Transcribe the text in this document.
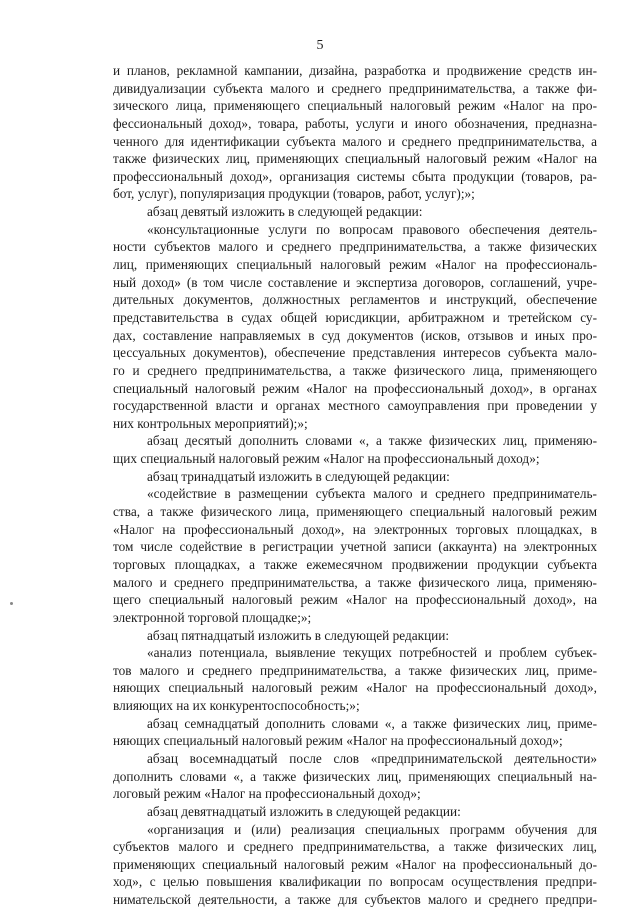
5
и планов, рекламной кампании, дизайна, разработка и продвижение средств ин-
дивидуализации субъекта малого и среднего предпринимательства, а также фи-
зического лица, применяющего специальный налоговый режим «Налог на про-
фессиональный доход», товара, работы, услуги и иного обозначения, предназна-
ченного для идентификации субъекта малого и среднего предпринимательства, а
также физических лиц, применяющих специальный налоговый режим «Налог на
профессиональный доход», организация системы сбыта продукции (товаров, ра-
бот, услуг), популяризация продукции (товаров, работ, услуг);»;
абзац девятый изложить в следующей редакции:
«консультационные услуги по вопросам правового обеспечения деятель-
ности субъектов малого и среднего предпринимательства, а также физических
лиц, применяющих специальный налоговый режим «Налог на профессиональ-
ный доход» (в том числе составление и экспертиза договоров, соглашений, учре-
дительных документов, должностных регламентов и инструкций, обеспечение
представительства в судах общей юрисдикции, арбитражном и третейском су-
дах, составление направляемых в суд документов (исков, отзывов и иных про-
цессуальных документов), обеспечение представления интересов субъекта мало-
го и среднего предпринимательства, а также физического лица, применяющего
специальный налоговый режим «Налог на профессиональный доход», в органах
государственной власти и органах местного самоуправления при проведении у
них контрольных мероприятий);»;
абзац десятый дополнить словами «, а также физических лиц, применяю-
щих специальный налоговый режим «Налог на профессиональный доход»;
абзац тринадцатый изложить в следующей редакции:
«содействие в размещении субъекта малого и среднего предприниматель-
ства, а также физического лица, применяющего специальный налоговый режим
«Налог на профессиональный доход», на электронных торговых площадках, в
том числе содействие в регистрации учетной записи (аккаунта) на электронных
торговых площадках, а также ежемесячном продвижении продукции субъекта
малого и среднего предпринимательства, а также физического лица, применяю-
щего специальный налоговый режим «Налог на профессиональный доход», на
электронной торговой площадке;»;
абзац пятнадцатый изложить в следующей редакции:
«анализ потенциала, выявление текущих потребностей и проблем субъек-
тов малого и среднего предпринимательства, а также физических лиц, приме-
няющих специальный налоговый режим «Налог на профессиональный доход»,
влияющих на их конкурентоспособность;»;
абзац семнадцатый дополнить словами «, а также физических лиц, приме-
няющих специальный налоговый режим «Налог на профессиональный доход»;
абзац восемнадцатый после слов «предпринимательской деятельности»
дополнить словами «, а также физических лиц, применяющих специальный на-
логовый режим «Налог на профессиональный доход»;
абзац девятнадцатый изложить в следующей редакции:
«организация и (или) реализация специальных программ обучения для
субъектов малого и среднего предпринимательства, а также физических лиц,
применяющих специальный налоговый режим «Налог на профессиональный до-
ход», с целью повышения квалификации по вопросам осуществления предпри-
нимательской деятельности, а также для субъектов малого и среднего предпри-
